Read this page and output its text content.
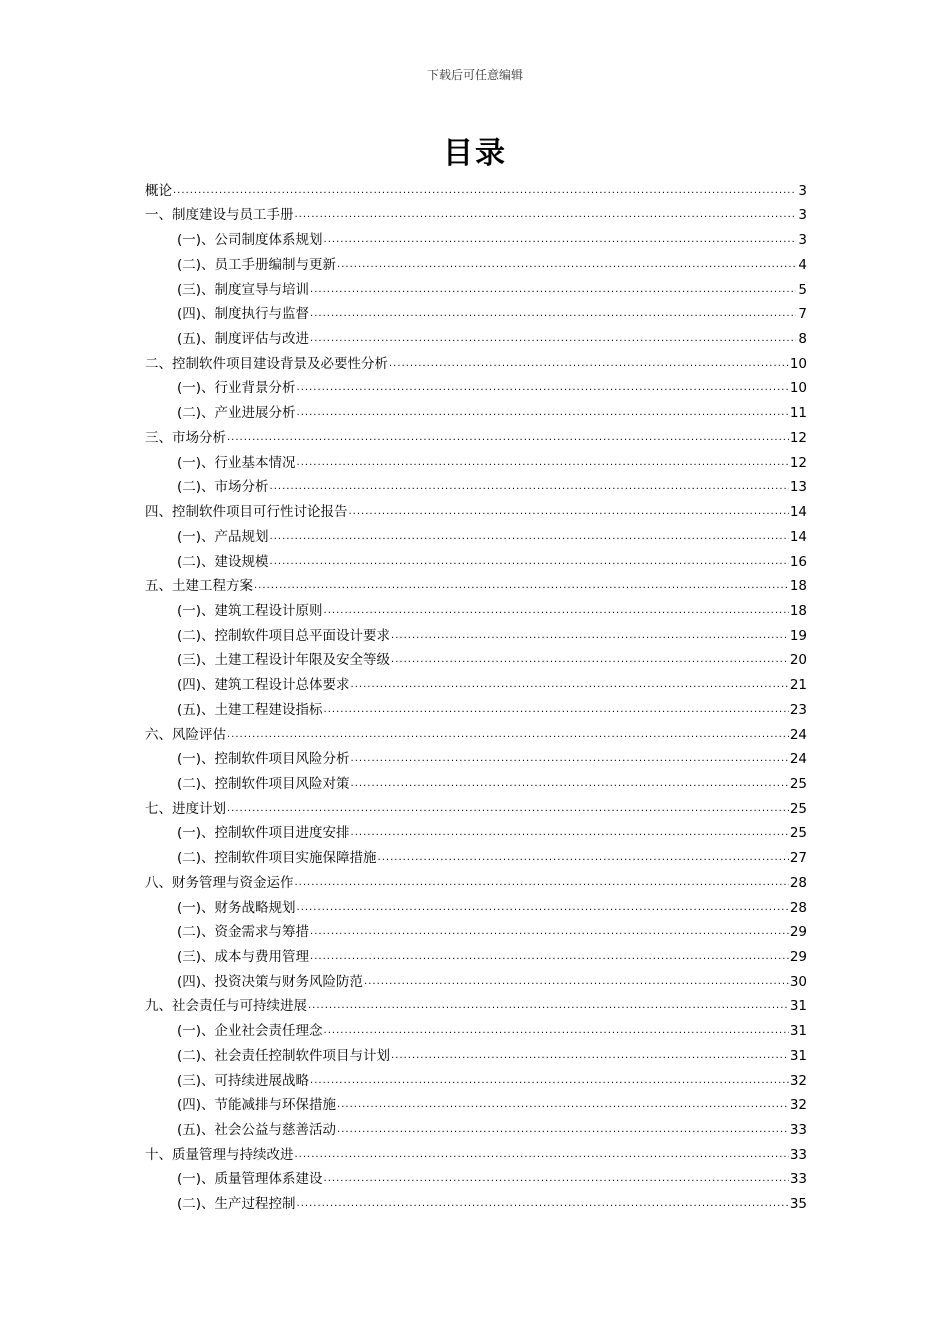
下载后可任意编辑
目录
概论 .....	3
一、制度建设与员工手册 .....	3
(一)、公司制度体系规划 .....	3
(二)、员工手册编制与更新 .....	4
(三)、制度宣导与培训 .....	5
(四)、制度执行与监督 .....	7
(五)、制度评估与改进 .....	8
二、控制软件项目建设背景及必要性分析 .....	10
(一)、行业背景分析 .....	10
(二)、产业进展分析 .....	11
三、市场分析 .....	12
(一)、行业基本情况 .....	12
(二)、市场分析 .....	13
四、控制软件项目可行性讨论报告 .....	14
(一)、产品规划 .....	14
(二)、建设规模 .....	16
五、土建工程方案 .....	18
(一)、建筑工程设计原则 .....	18
(二)、控制软件项目总平面设计要求 .....	19
(三)、土建工程设计年限及安全等级 .....	20
(四)、建筑工程设计总体要求 .....	21
(五)、土建工程建设指标 .....	23
六、风险评估 .....	24
(一)、控制软件项目风险分析 .....	24
(二)、控制软件项目风险对策 .....	25
七、进度计划 .....	25
(一)、控制软件项目进度安排 .....	25
(二)、控制软件项目实施保障措施 .....	27
八、财务管理与资金运作 .....	28
(一)、财务战略规划 .....	28
(二)、资金需求与筹措 .....	29
(三)、成本与费用管理 .....	29
(四)、投资决策与财务风险防范 .....	30
九、社会责任与可持续进展 .....	31
(一)、企业社会责任理念 .....	31
(二)、社会责任控制软件项目与计划 .....	31
(三)、可持续进展战略 .....	32
(四)、节能减排与环保措施 .....	32
(五)、社会公益与慈善活动 .....	33
十、质量管理与持续改进 .....	33
(一)、质量管理体系建设 .....	33
(二)、生产过程控制 .....	35
